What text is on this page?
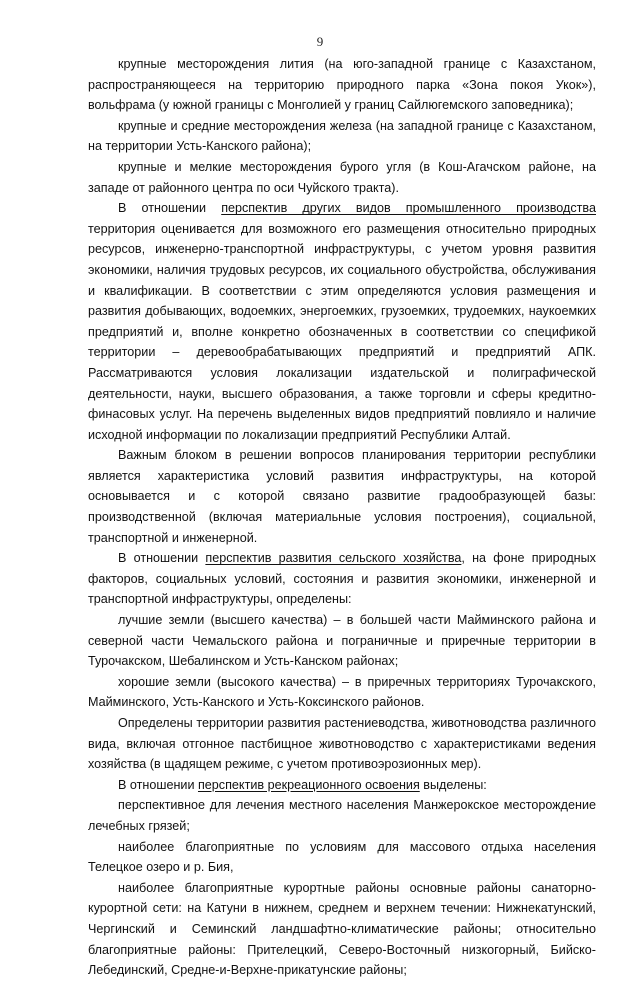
9

крупные месторождения лития (на юго-западной границе с Казахстаном, распространяющееся на территорию природного парка «Зона покоя Укок»), вольфрама (у южной границы с Монголией у границ Сайлюгемского заповедника);

крупные и средние месторождения железа (на западной границе с Казахстаном, на территории Усть-Канского района);

крупные и мелкие месторождения бурого угля (в Кош-Агачском районе, на западе от районного центра по оси Чуйского тракта).

В отношении перспектив других видов промышленного производства территория оценивается для возможного его размещения относительно природных ресурсов, инженерно-транспортной инфраструктуры, с учетом уровня развития экономики, наличия трудовых ресурсов, их социального обустройства, обслуживания и квалификации. В соответствии с этим определяются условия размещения и развития добывающих, водоемких, энергоемких, грузоемких, трудоемких, наукоемких предприятий и, вполне конкретно обозначенных в соответствии со спецификой территории – деревообрабатывающих предприятий и предприятий АПК. Рассматриваются условия локализации издательской и полиграфической деятельности, науки, высшего образования, а также торговли и сферы кредитно-финасовых услуг. На перечень выделенных видов предприятий повлияло и наличие исходной информации по локализации предприятий Республики Алтай.

Важным блоком в решении вопросов планирования территории республики является характеристика условий развития инфраструктуры, на которой основывается и с которой связано развитие градообразующей базы: производственной (включая материальные условия построения), социальной, транспортной и инженерной.

В отношении перспектив развития сельского хозяйства, на фоне природных факторов, социальных условий, состояния и развития экономики, инженерной и транспортной инфраструктуры, определены:

лучшие земли (высшего качества) – в большей части Майминского района и северной части Чемальского района и пограничные и приречные территории в Турочакском, Шебалинском и Усть-Канском районах;

хорошие земли (высокого качества) – в приречных территориях Турочакского, Майминского, Усть-Канского и Усть-Коксинского районов.

Определены территории развития растениеводства, животноводства различного вида, включая отгонное пастбищное животноводство с характеристиками ведения хозяйства (в щадящем режиме, с учетом противоэрозионных мер).

В отношении перспектив рекреационного освоения выделены:

перспективное для лечения местного населения Манжерокское месторождение лечебных грязей;

наиболее благоприятные по условиям для массового отдыха населения Телецкое озеро и р. Бия,

наиболее благоприятные курортные районы основные районы санаторно-курортной сети: на Катуни в нижнем, среднем и верхнем течении: Нижнекатунский, Чергинский и Семинский ландшафтно-климатические районы; относительно благоприятные районы: Прителецкий, Северо-Восточный низкогорный, Бийско-Лебединский, Средне-и-Верхне-прикатунские районы;
